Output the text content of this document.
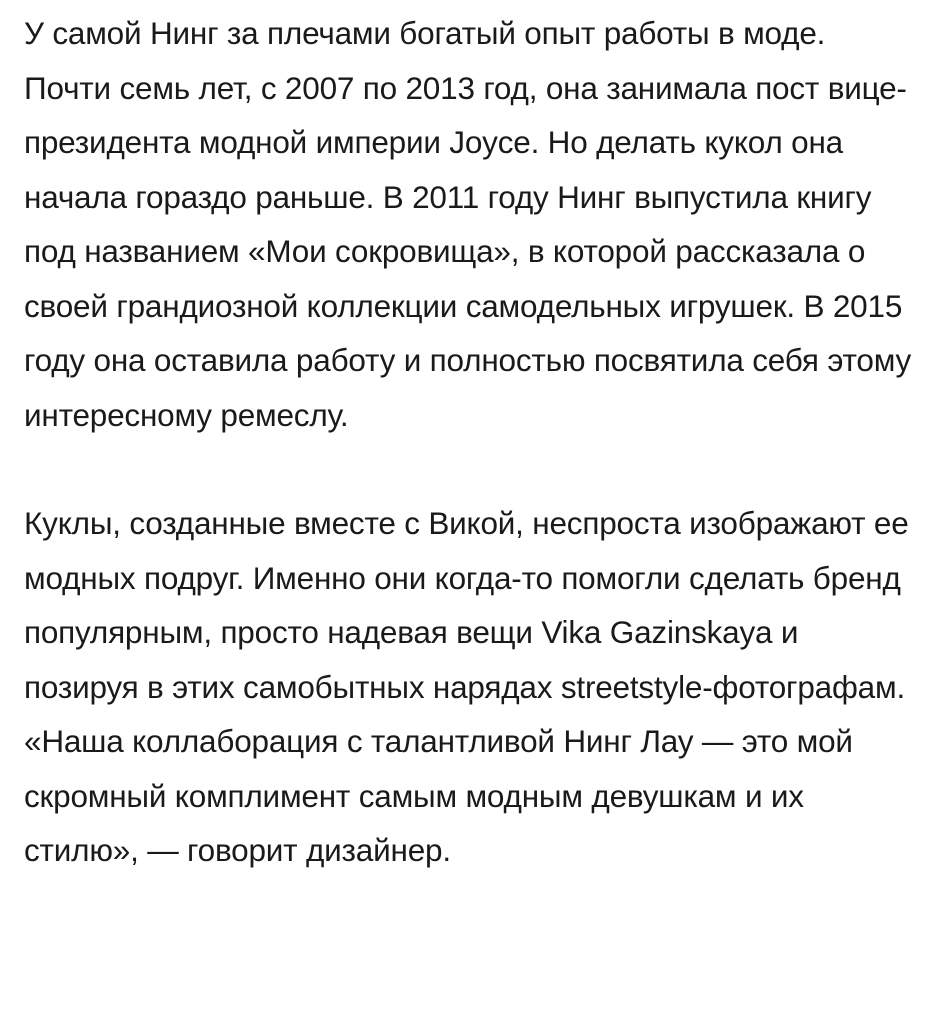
У самой Нинг за плечами богатый опыт работы в моде. Почти семь лет, с 2007 по 2013 год, она занимала пост вице-президента модной империи Joyce. Но делать кукол она начала гораздо раньше. В 2011 году Нинг выпустила книгу под названием «Мои сокровища», в которой рассказала о своей грандиозной коллекции самодельных игрушек. В 2015 году она оставила работу и полностью посвятила себя этому интересному ремеслу.

Куклы, созданные вместе с Викой, неспроста изображают ее модных подруг. Именно они когда-то помогли сделать бренд популярным, просто надевая вещи Vika Gazinskaya и позируя в этих самобытных нарядах streetstyle-фотографам. «Наша коллаборация с талантливой Нинг Лау — это мой скромный комплимент самым модным девушкам и их стилю», — говорит дизайнер.
